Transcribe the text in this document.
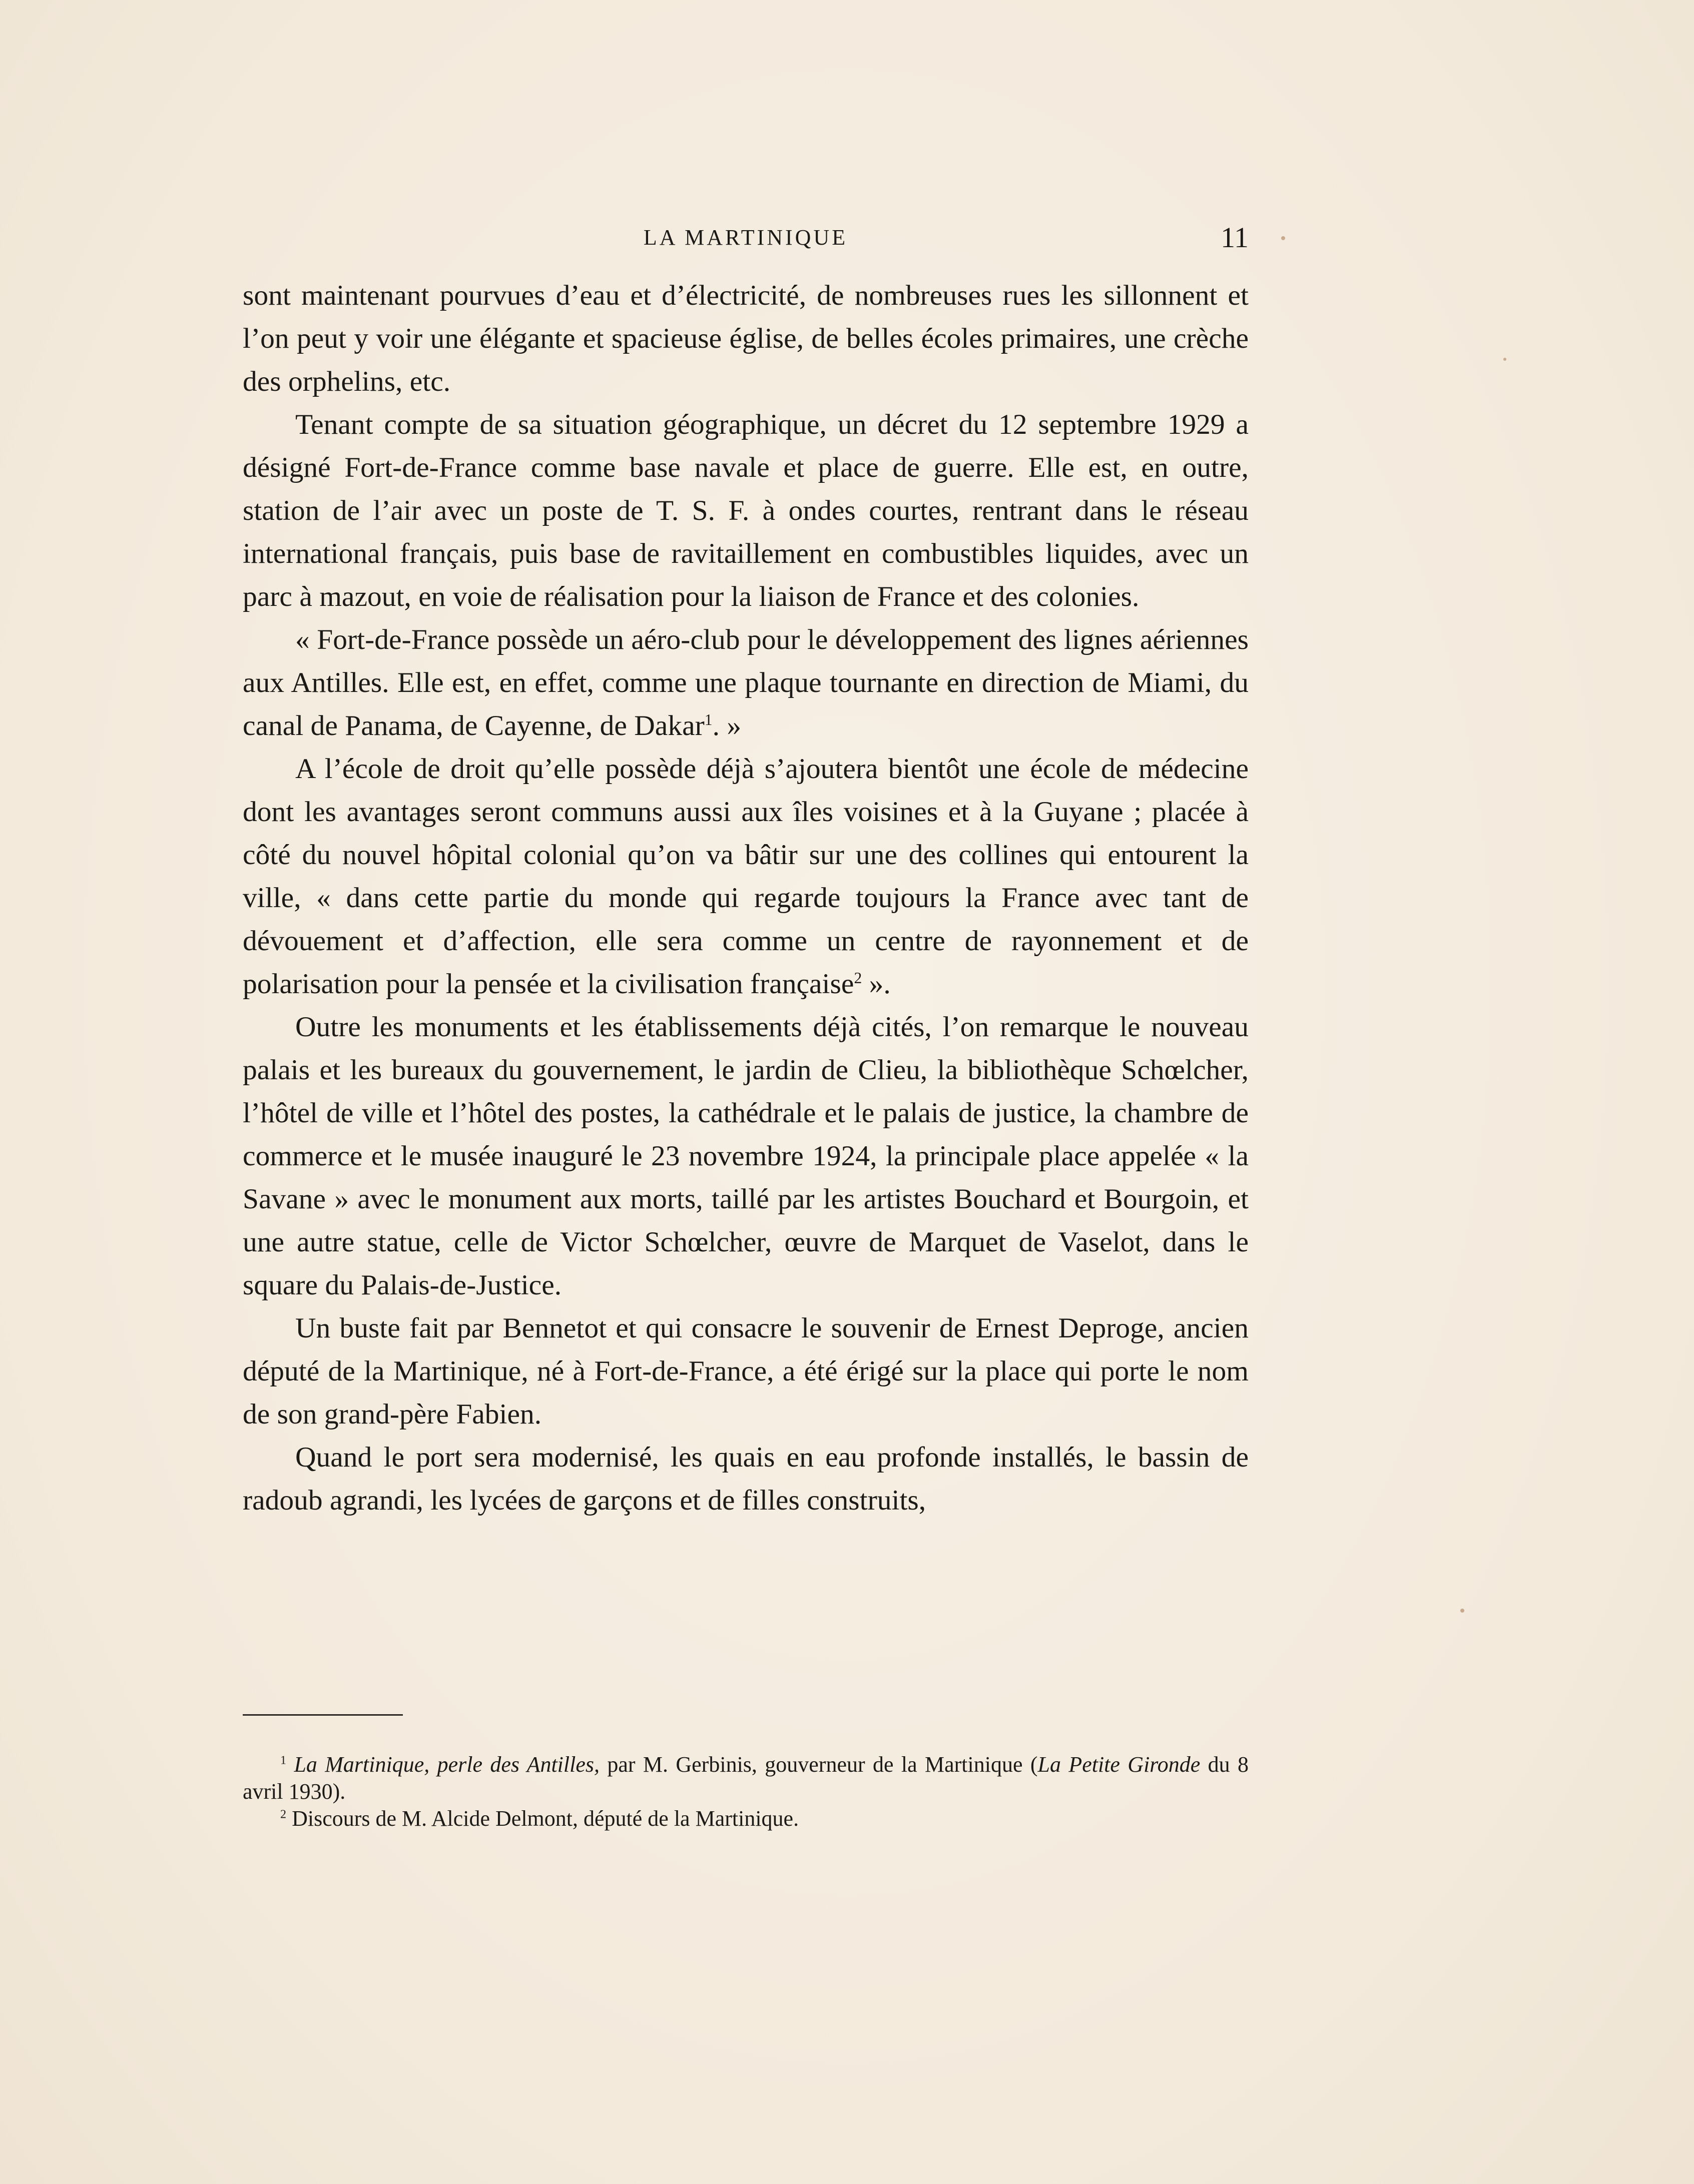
LA MARTINIQUE	11

sont maintenant pourvues d’eau et d’électricité, de nombreuses rues les sillonnent et l’on peut y voir une élégante et spacieuse église, de belles écoles primaires, une crèche des orphelins, etc.

Tenant compte de sa situation géographique, un décret du 12 septembre 1929 a désigné Fort-de-France comme base navale et place de guerre. Elle est, en outre, station de l’air avec un poste de T. S. F. à ondes courtes, rentrant dans le réseau international français, puis base de ravitaillement en combustibles liquides, avec un parc à mazout, en voie de réalisation pour la liaison de France et des colonies.

« Fort-de-France possède un aéro-club pour le développement des lignes aériennes aux Antilles. Elle est, en effet, comme une plaque tournante en direction de Miami, du canal de Panama, de Cayenne, de Dakar$^1$. »

A l’école de droit qu’elle possède déjà s’ajoutera bientôt une école de médecine dont les avantages seront communs aussi aux îles voisines et à la Guyane ; placée à côté du nouvel hôpital colonial qu’on va bâtir sur une des collines qui entourent la ville, « dans cette partie du monde qui regarde toujours la France avec tant de dévouement et d’affection, elle sera comme un centre de rayonnement et de polarisation pour la pensée et la civilisation française$^2$ ».

Outre les monuments et les établissements déjà cités, l’on remarque le nouveau palais et les bureaux du gouvernement, le jardin de Clieu, la bibliothèque Schœlcher, l’hôtel de ville et l’hôtel des postes, la cathédrale et le palais de justice, la chambre de commerce et le musée inauguré le 23 novembre 1924, la principale place appelée « la Savane » avec le monument aux morts, taillé par les artistes Bouchard et Bourgoin, et une autre statue, celle de Victor Schœlcher, œuvre de Marquet de Vaselot, dans le square du Palais-de-Justice.

Un buste fait par Bennetot et qui consacre le souvenir de Ernest Deproge, ancien député de la Martinique, né à Fort-de-France, a été érigé sur la place qui porte le nom de son grand-père Fabien.

Quand le port sera modernisé, les quais en eau profonde installés, le bassin de radoub agrandi, les lycées de garçons et de filles construits,

$^1$ La Martinique, perle des Antilles, par M. Gerbinis, gouverneur de la Martinique (La Petite Gironde du 8 avril 1930).

$^2$ Discours de M. Alcide Delmont, député de la Martinique.
